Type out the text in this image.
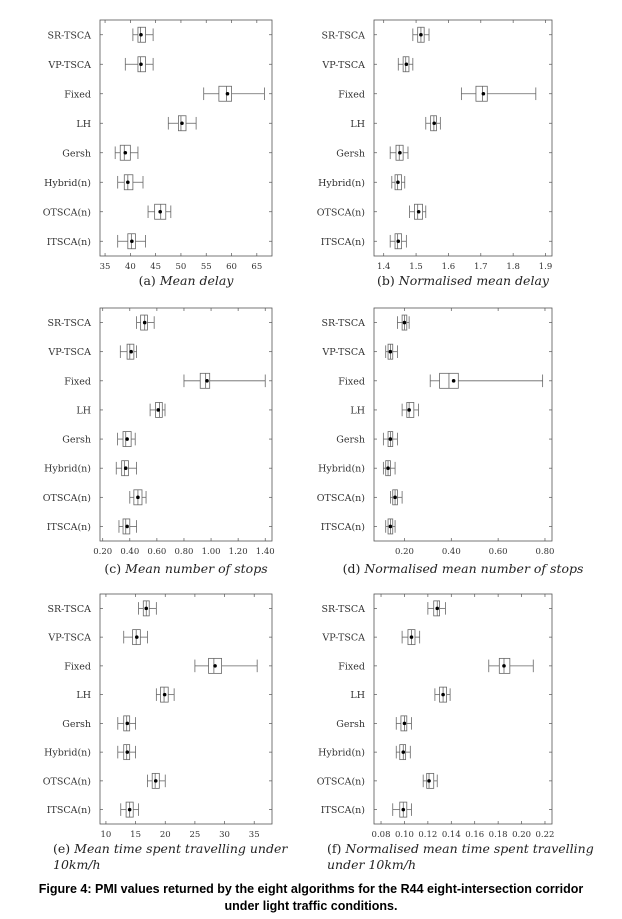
35 40 45 50 55 60 65
SR-TSCA
VP-TSCA
Fixed
LH
Gersh
Hybrid(n)
OTSCA(n)
ITSCA(n)
(a) Mean delay
1.4 1.5 1.6 1.7 1.8 1.9
SR-TSCA
VP-TSCA
Fixed
LH
Gersh
Hybrid(n)
OTSCA(n)
ITSCA(n)
(b) Normalised mean delay
0.20 0.40 0.60 0.80 1.00 1.20 1.40
SR-TSCA
VP-TSCA
Fixed
LH
Gersh
Hybrid(n)
OTSCA(n)
ITSCA(n)
(c) Mean number of stops
0.20	0.40	0.60	0.80
SR-TSCA
VP-TSCA
Fixed
LH
Gersh
Hybrid(n)
OTSCA(n)
ITSCA(n)
(d) Normalised mean number of stops
10 15 20 25 30 35
SR-TSCA
VP-TSCA
Fixed
LH
Gersh
Hybrid(n)
OTSCA(n)
ITSCA(n)
(e) Mean time spent travelling under
10km/h
0.08 0.10 0.12 0.14 0.16 0.18 0.20 0.22
SR-TSCA
VP-TSCA
Fixed
LH
Gersh
Hybrid(n)
OTSCA(n)
ITSCA(n)
(f) Normalised mean time spent travelling
under 10km/h
Figure 4: PMI values returned by the eight algorithms for the R44 eight-intersection corridor
under light traffic conditions.
